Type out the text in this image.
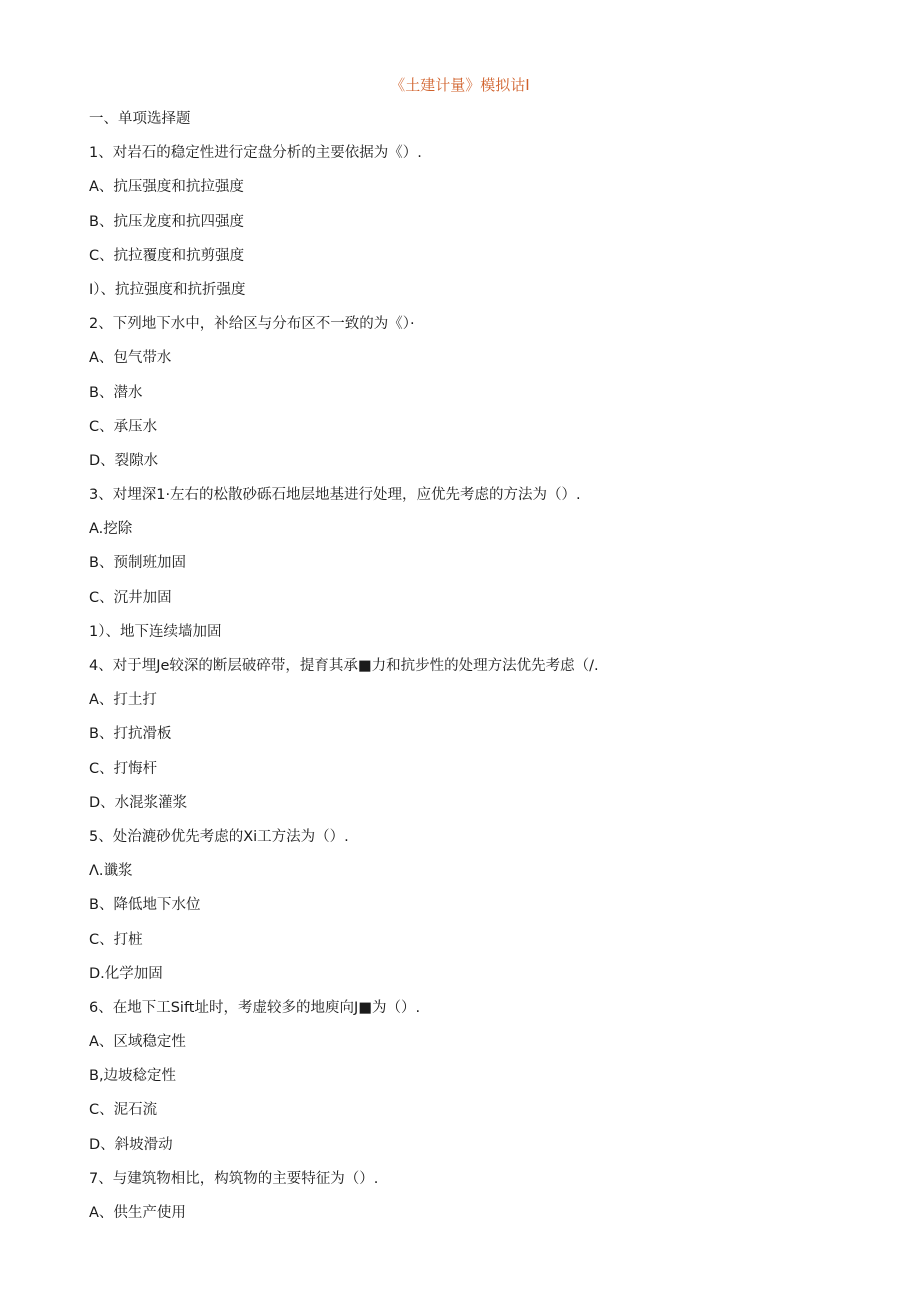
《土建计量》模拟诂I
一、单项选择题
1、对岩石的稳定性进行定盘分析的主要依据为《）.
A、抗压强度和抗拉强度
B、抗压龙度和抗四强度
C、抗拉覆度和抗剪强度
I）、抗拉强度和抗折强度
2、下列地下水中，补给区与分布区不一致的为《）·
A、包气带水
B、潜水
C、承压水
D、裂隙水
3、对埋深1·左右的松散砂砾石地层地基进行处理，应优先考虑的方法为（）.
A.挖除
B、预制班加固
C、沉井加固
1）、地下连续墙加固
4、对于埋Je较深的断层破碎带，提育其承■力和抗步性的处理方法优先考虑（/.
A、打土打
B、打抗滑板
C、打悔杆
D、水混浆灌浆
5、处治漉砂优先考虑的Xi工方法为（）.
Λ.谶浆
B、降低地下水位
C、打桩
D.化学加固
6、在地下工Sift址时，考虚较多的地庾向J■为（）.
A、区域稳定性
B,边坡稔定性
C、泥石流
D、斜坡滑动
7、与建筑物相比，构筑物的主要特征为（）.
A、供生产使用
